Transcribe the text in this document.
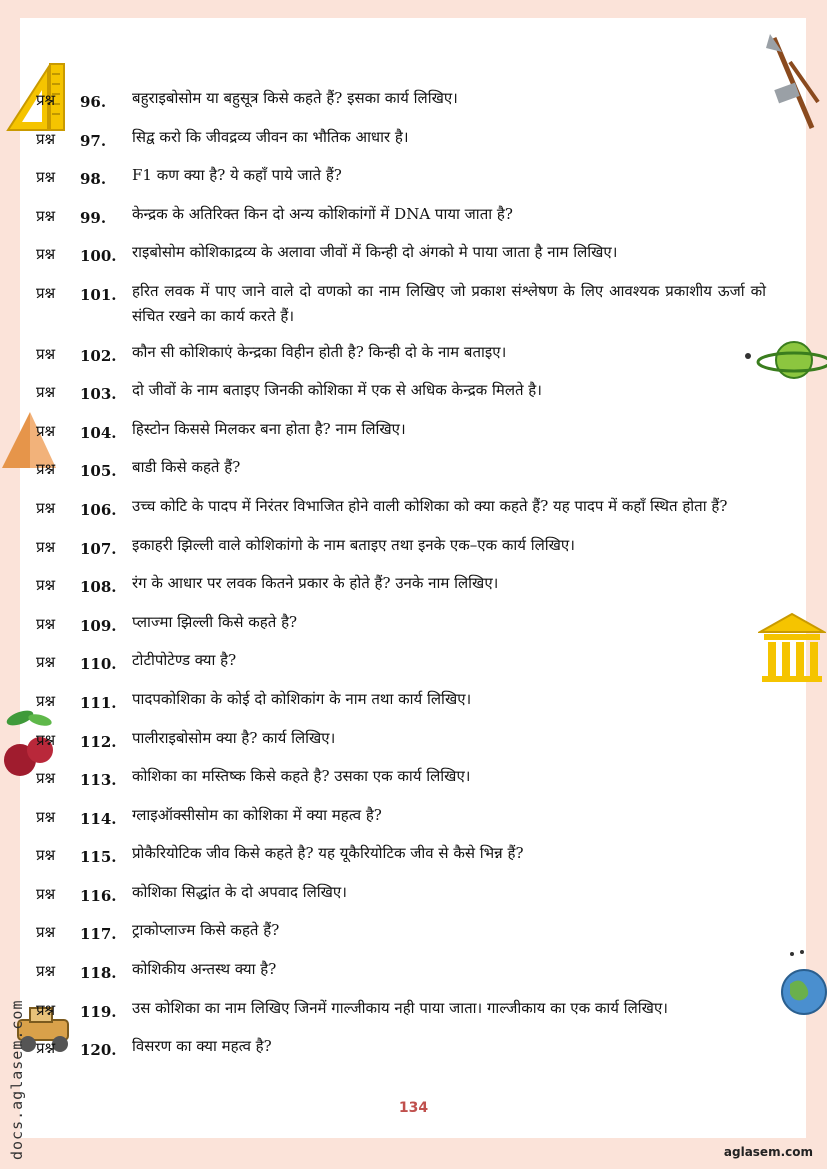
प्रश्न	96.	बहुराइबोसोम या बहुसूत्र किसे कहते हैं? इसका कार्य लिखिए।
प्रश्न	97.	सिद्व करो कि जीवद्रव्य जीवन का भौतिक आधार है।
प्रश्न	98.	F1 कण क्या है? ये कहाँ पाये जाते हैं?
प्रश्न	99.	केन्द्रक के अतिरिक्त किन दो अन्य कोशिकांगों में DNA पाया जाता है?
प्रश्न	100.	राइबोसोम कोशिकाद्रव्य के अलावा जीवों में किन्ही दो अंगको मे पाया जाता है नाम लिखिए।
प्रश्न	101.	हरित लवक में पाए जाने वाले दो वणको का नाम लिखिए जो प्रकाश संश्लेषण के लिए आवश्यक प्रकाशीय ऊर्जा को संचित रखने का कार्य करते हैं।
प्रश्न	102.	कौन सी कोशिकाएं केन्द्रका विहीन होती है? किन्ही दो के नाम बताइए।
प्रश्न	103.	दो जीवों के नाम बताइए जिनकी कोशिका में एक से अधिक केन्द्रक मिलते है।
प्रश्न	104.	हिस्टोन किससे मिलकर बना होता है? नाम लिखिए।
प्रश्न	105.	बाडी किसे कहते हैं?
प्रश्न	106.	उच्च कोटि के पादप में निरंतर विभाजित होने वाली कोशिका को क्या कहते हैं? यह पादप में कहाँ स्थित होता हैं?
प्रश्न	107.	इकाहरी झिल्ली वाले कोशिकांगो के नाम बताइए तथा इनके एक–एक कार्य लिखिए।
प्रश्न	108.	रंग के आधार पर लवक कितने प्रकार के होते हैं? उनके नाम लिखिए।
प्रश्न	109.	प्लाज्मा झिल्ली किसे कहते है?
प्रश्न	110.	टोटीपोटेण्ड क्या है?
प्रश्न	111.	पादपकोशिका के कोई दो कोशिकांग के नाम तथा कार्य लिखिए।
प्रश्न	112.	पालीराइबोसोम क्या है? कार्य लिखिए।
प्रश्न	113.	कोशिका का मस्तिष्क किसे कहते है? उसका एक कार्य लिखिए।
प्रश्न	114.	ग्लाइऑक्सीसोम का कोशिका में क्या महत्व है?
प्रश्न	115.	प्रोकैरियोटिक जीव किसे कहते है? यह यूकैरियोटिक जीव से कैसे भिन्न हैं?
प्रश्न	116.	कोशिका सिद्धांत के दो अपवाद लिखिए।
प्रश्न	117.	ट्राकोप्लाज्म किसे कहते हैं?
प्रश्न	118.	कोशिकीय अन्तस्थ क्या है?
प्रश्न	119.	उस कोशिका का नाम लिखिए जिनमें गाल्जीकाय नही पाया जाता। गाल्जीकाय का एक कार्य लिखिए।
प्रश्न	120.	विसरण का क्या महत्व है?
134
aglasem.com
docs.aglasem.com
